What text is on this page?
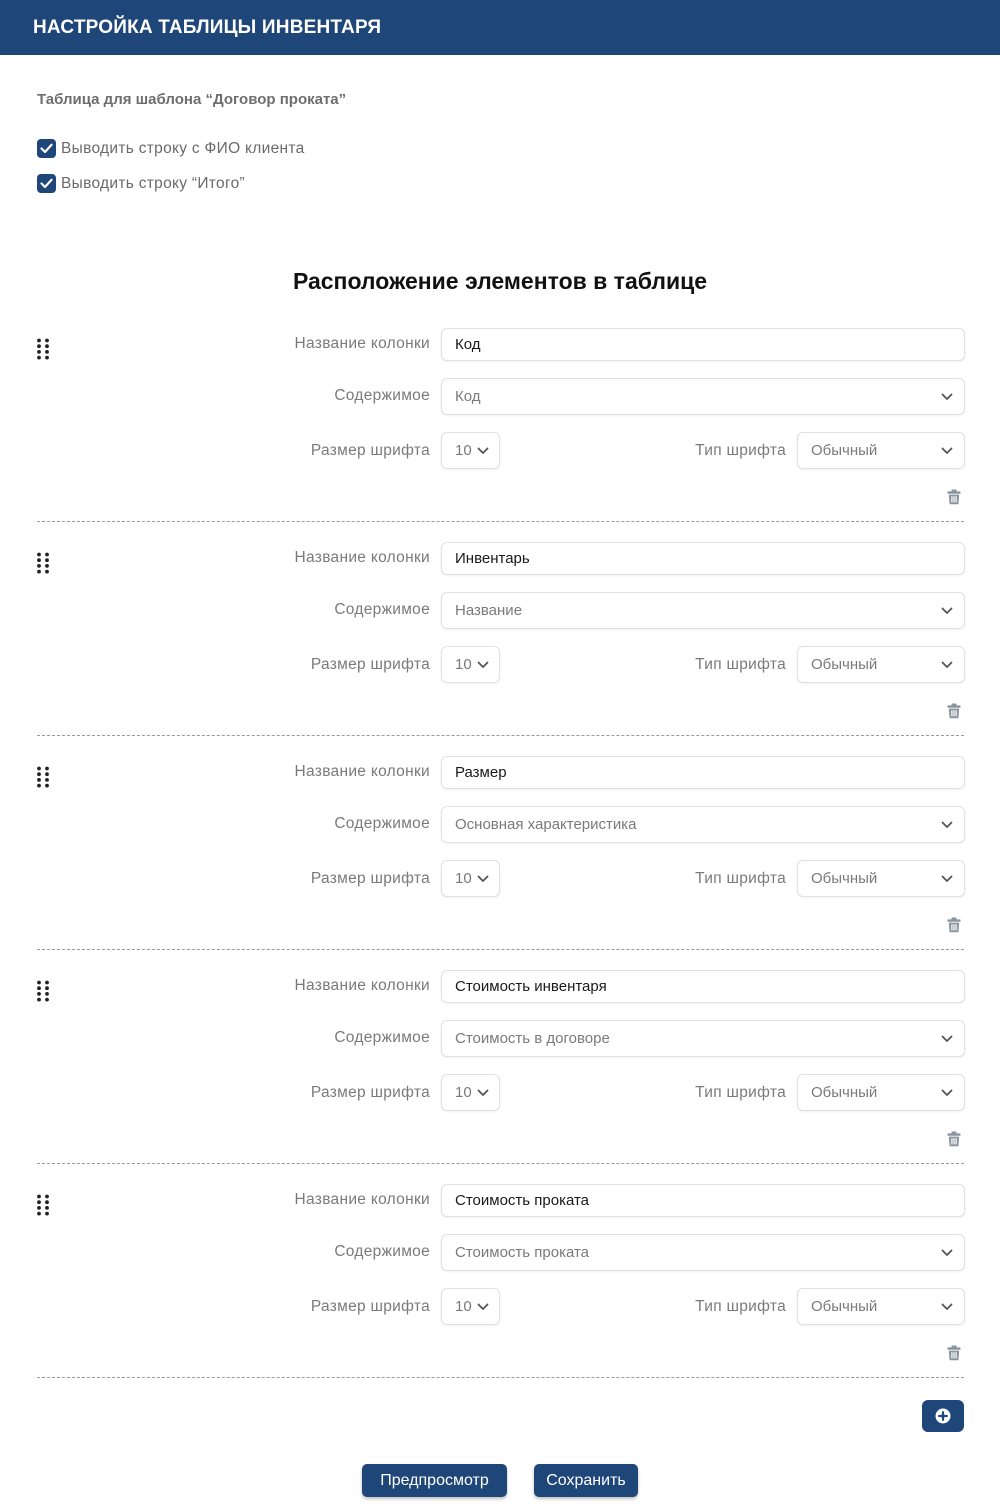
НАСТРОЙКА ТАБЛИЦЫ ИНВЕНТАРЯ
Таблица для шаблона “Договор проката”
Выводить строку с ФИО клиента
Выводить строку “Итого”
Расположение элементов в таблице
Название колонки Код
Содержимое Код
Размер шрифта 10	Тип шрифта Обычный
Название колонки Инвентарь
Содержимое Название
Размер шрифта 10	Тип шрифта Обычный
Название колонки Размер
Содержимое Основная характеристика
Размер шрифта 10	Тип шрифта Обычный
Название колонки Стоимость инвентаря
Содержимое Стоимость в договоре
Размер шрифта 10	Тип шрифта Обычный
Название колонки Стоимость проката
Содержимое Стоимость проката
Размер шрифта 10	Тип шрифта Обычный
Предпросмотр	Сохранить
